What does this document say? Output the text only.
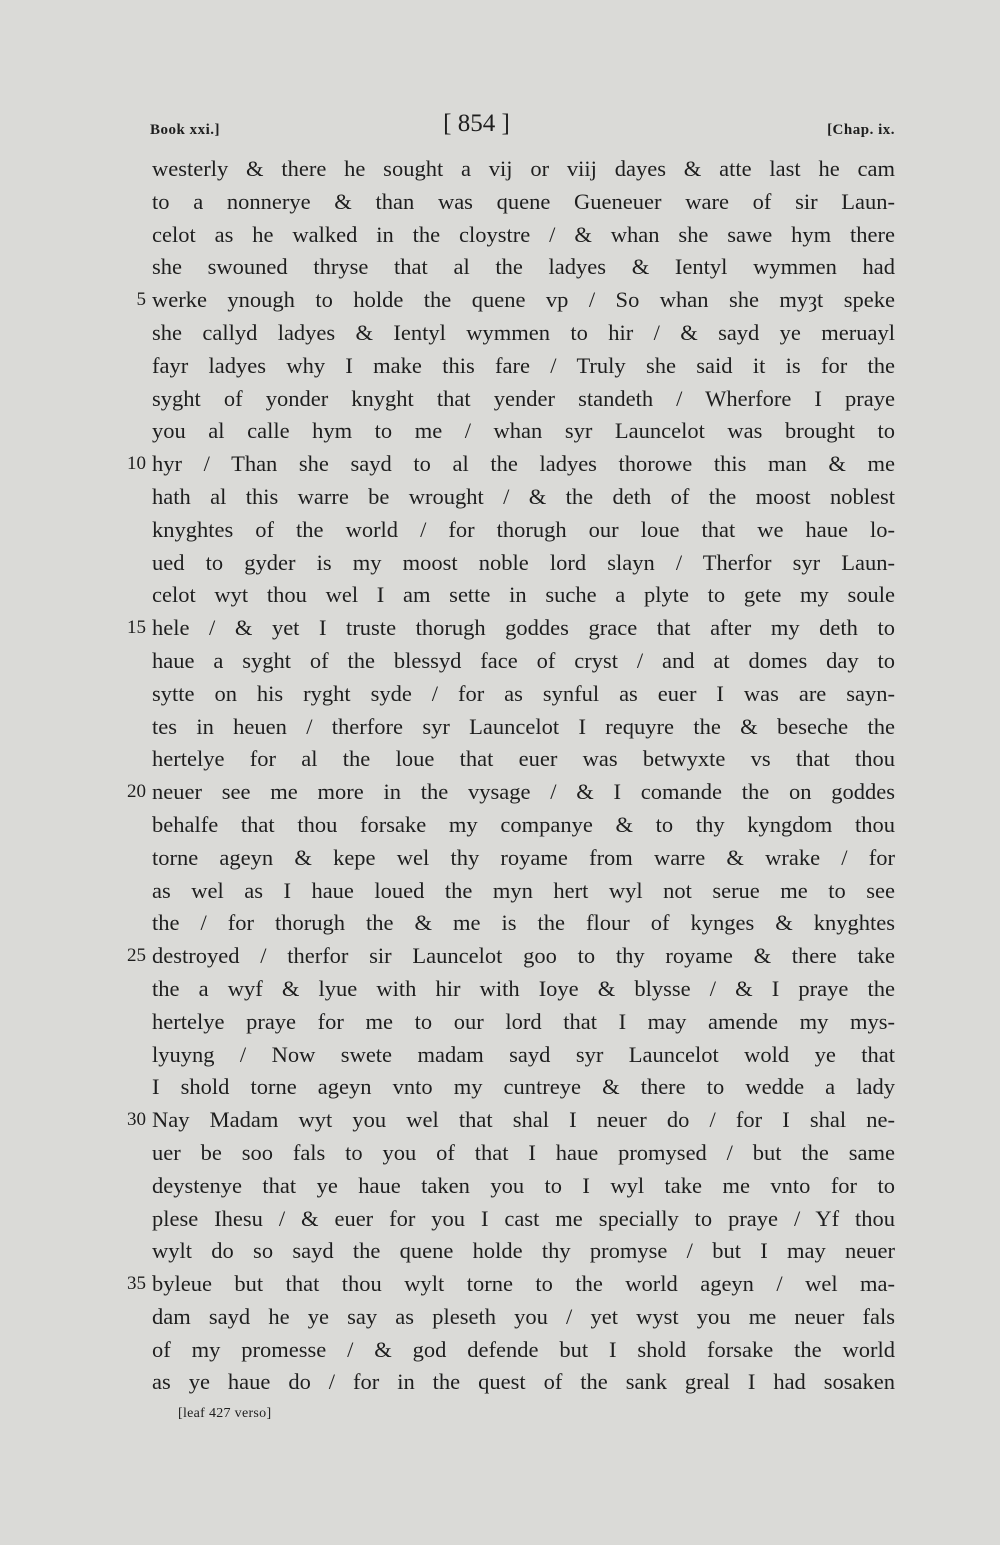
Book xxi.]	[ 854 ]	[Chap. ix.
westerly & there he sought a vij or viij dayes & atte last he cam
to a nonnerye & than was quene Gueneuer ware of sir Laun-
celot as he walked in the cloystre / & whan she sawe hym there
she swouned thryse that al the ladyes & Ientyl wymmen had
5 werke ynough to holde the quene vp / So whan she myȝt speke
she callyd ladyes & Ientyl wymmen to hir / & sayd ye meruayl
fayr ladyes why I make this fare / Truly she said it is for the
syght of yonder knyght that yender standeth / Wherfore I praye
you al calle hym to me / whan syr Launcelot was brought to
10 hyr / Than she sayd to al the ladyes thorowe this man & me
hath al this warre be wrought / & the deth of the moost noblest
knyghtes of the world / for thorugh our loue that we haue lo-
ued to gyder is my moost noble lord slayn / Therfor syr Laun-
celot wyt thou wel I am sette in suche a plyte to gete my soule
15 hele / & yet I truste thorugh goddes grace that after my deth to
haue a syght of the blessyd face of cryst / and at domes day to
sytte on his ryght syde / for as synful as euer I was are sayn-
tes in heuen / therfore syr Launcelot I requyre the & beseche the
hertelye for al the loue that euer was betwyxte vs that thou
20 neuer see me more in the vysage / & I comande the on goddes
behalfe that thou forsake my companye & to thy kyngdom thou
torne ageyn & kepe wel thy royame from warre & wrake / for
as wel as I haue loued the myn hert wyl not serue me to see
the / for thorugh the & me is the flour of kynges & knyghtes
25 destroyed / therfor sir Launcelot goo to thy royame & there take
the a wyf & lyue with hir with Ioye & blysse / & I praye the
hertelye praye for me to our lord that I may amende my mys-
lyuyng / Now swete madam sayd syr Launcelot wold ye that
I shold torne ageyn vnto my cuntreye & there to wedde a lady
30 Nay Madam wyt you wel that shal I neuer do / for I shal ne-
uer be soo fals to you of that I haue promysed / but the same
deystenye that ye haue taken you to I wyl take me vnto for to
plese Ihesu / & euer for you I cast me specially to praye / Yf thou
wylt do so sayd the quene holde thy promyse / but I may neuer
35 byleue but that thou wylt torne to the world ageyn / wel ma-
dam sayd he ye say as pleseth you / yet wyst you me neuer fals
of my promesse / & god defende but I shold forsake the world
as ye haue do / for in the quest of the sank greal I had sosaken
[leaf 427 verso]
